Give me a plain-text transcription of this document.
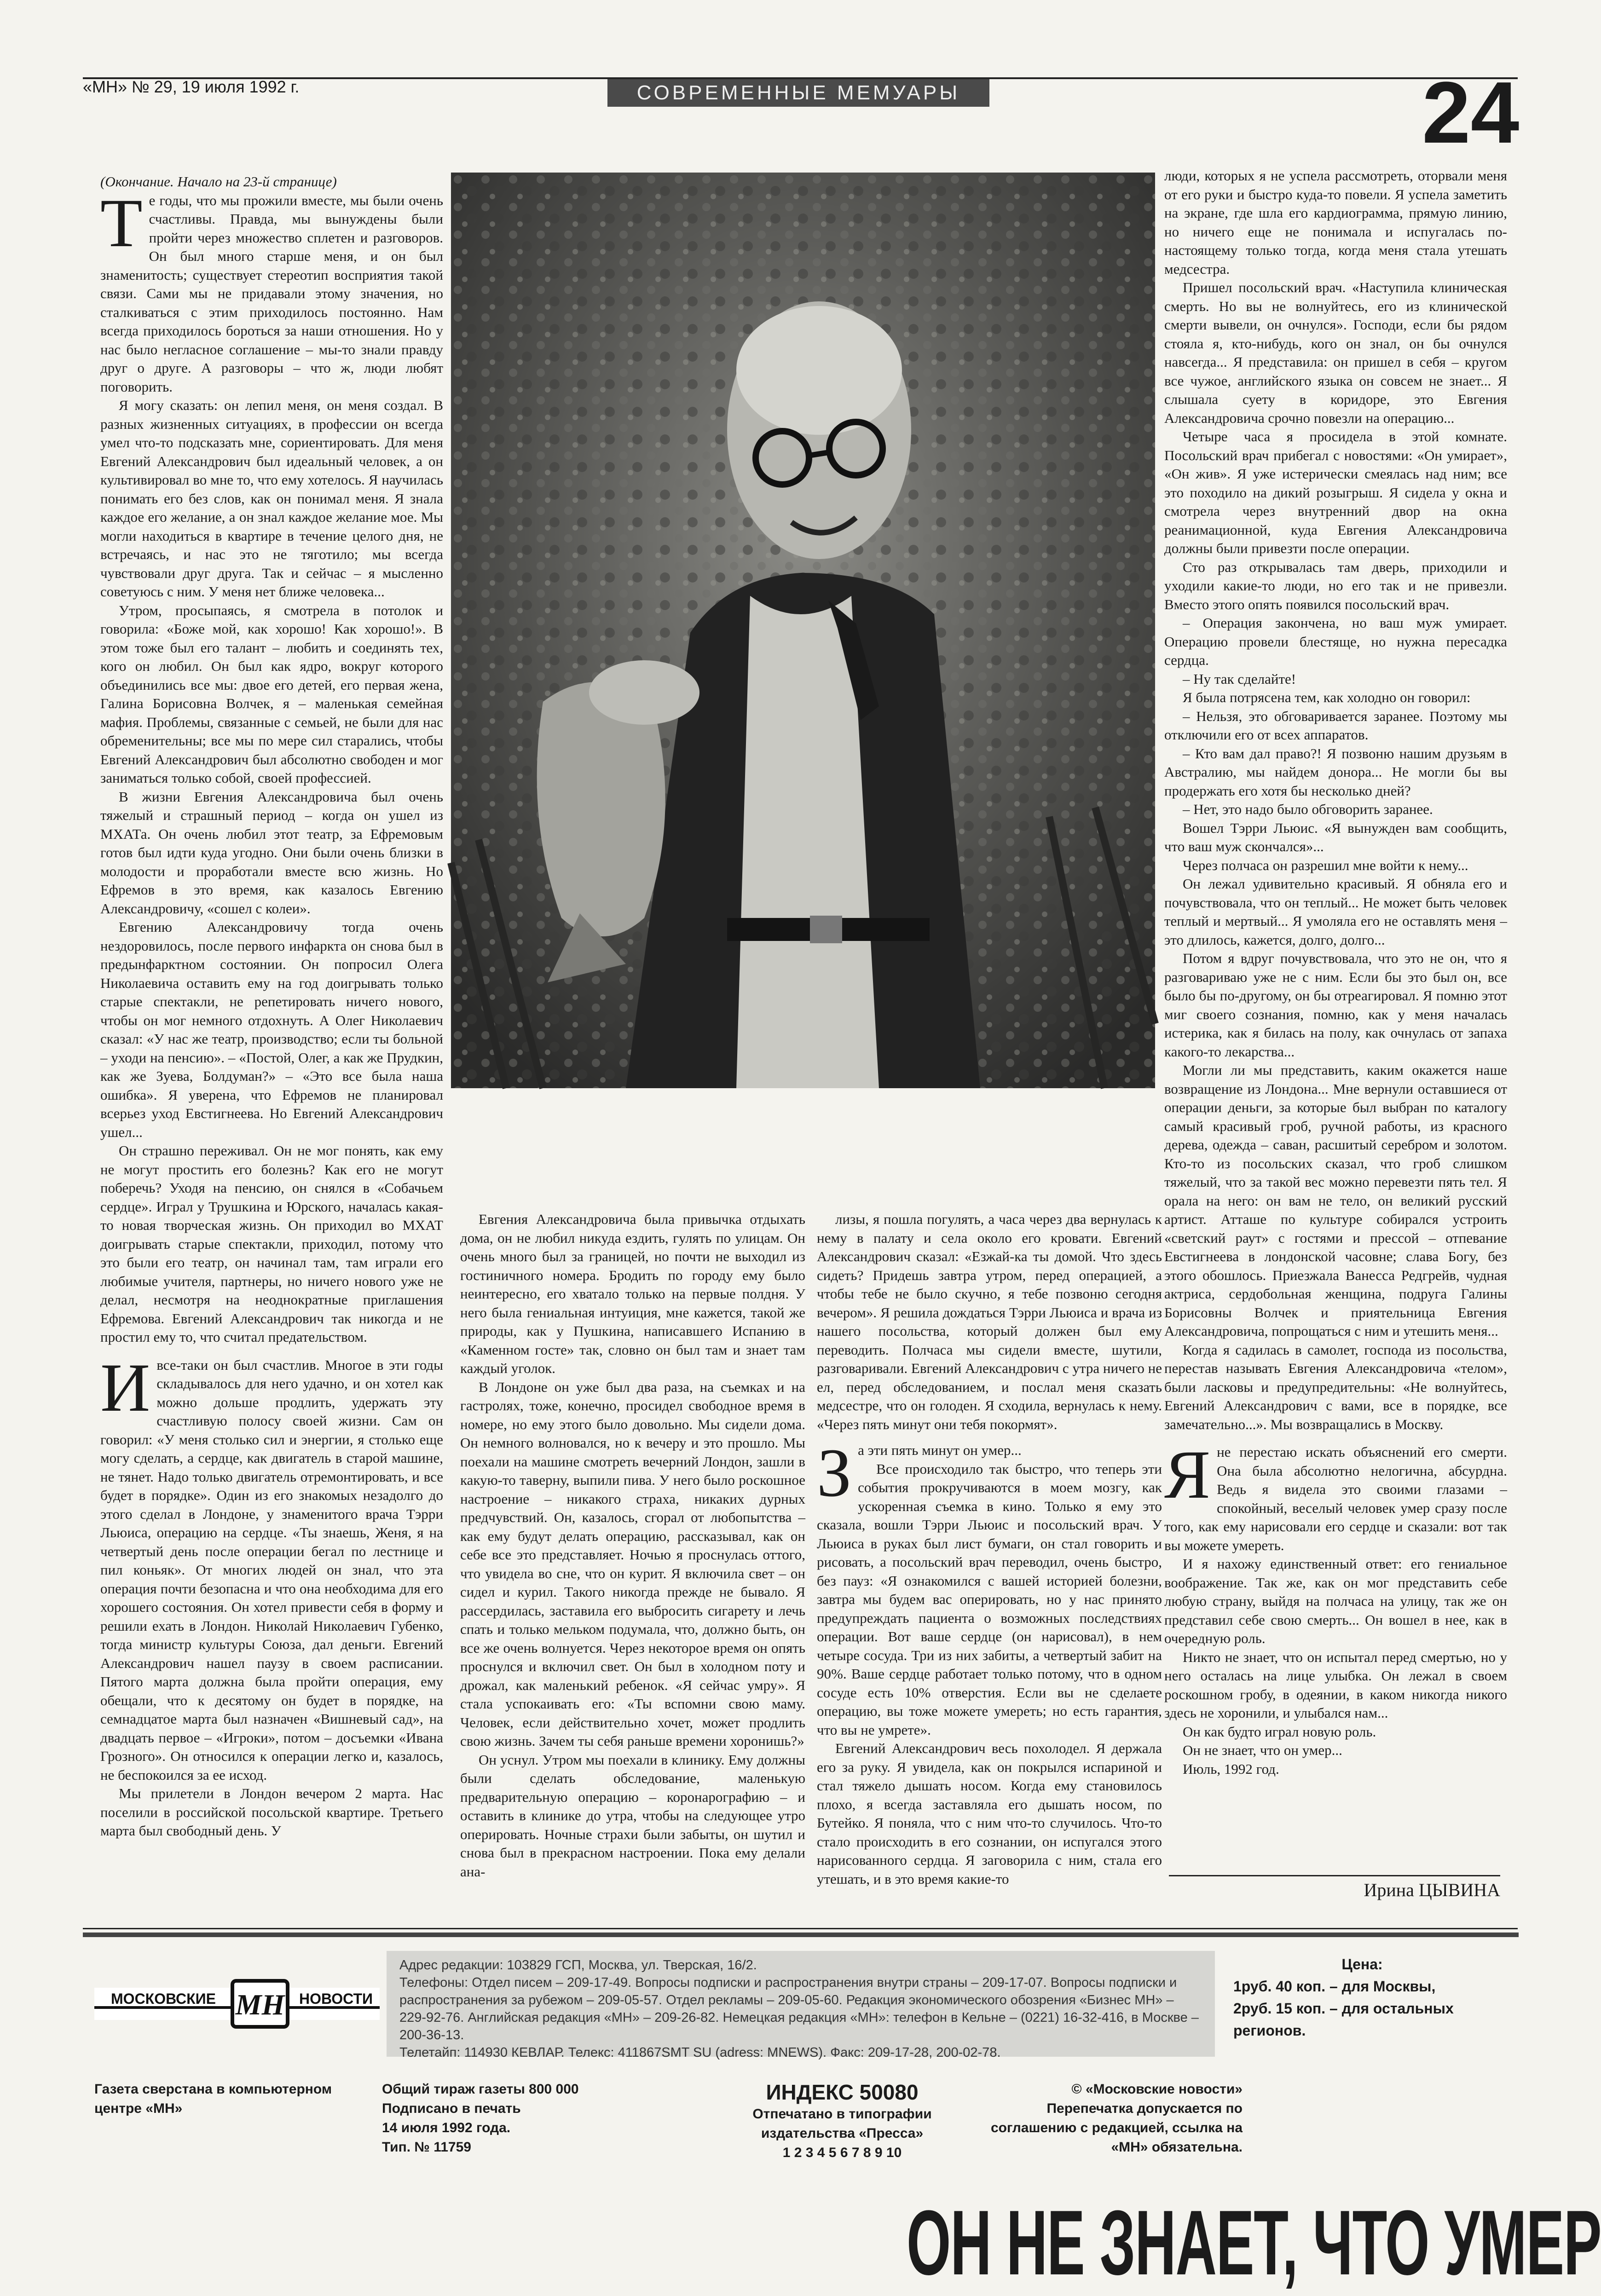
«МН» № 29, 19 июля 1992 г.	СОВРЕМЕННЫЕ МЕМУАРЫ	24

(Окончание. Начало на 23-й странице)

Те годы, что мы прожили вместе, мы были очень счастливы. Правда, мы вынуждены были пройти через множество сплетен и разговоров. Он был много старше меня, и он был знаменитость; существует стереотип восприятия такой связи. Сами мы не придавали этому значения, но сталкиваться с этим приходилось постоянно. Нам всегда приходилось бороться за наши отношения. Но у нас было негласное соглашение – мы-то знали правду друг о друге. А разговоры – что ж, люди любят поговорить.

Я могу сказать: он лепил меня, он меня создал. В разных жизненных ситуациях, в профессии он всегда умел что-то подсказать мне, сориентировать. Для меня Евгений Александрович был идеальный человек, а он культивировал во мне то, что ему хотелось. Я научилась понимать его без слов, как он понимал меня. Я знала каждое его желание, а он знал каждое желание мое. Мы могли находиться в квартире в течение целого дня, не встречаясь, и нас это не тяготило; мы всегда чувствовали друг друга. Так и сейчас – я мысленно советуюсь с ним. У меня нет ближе человека...

Утром, просыпаясь, я смотрела в потолок и говорила: «Боже мой, как хорошо! Как хорошо!». В этом тоже был его талант – любить и соединять тех, кого он любил. Он был как ядро, вокруг которого объединились все мы: двое его детей, его первая жена, Галина Борисовна Волчек, я – маленькая семейная мафия. Проблемы, связанные с семьей, не были для нас обременительны; все мы по мере сил старались, чтобы Евгений Александрович был абсолютно свободен и мог заниматься только собой, своей профессией.

В жизни Евгения Александровича был очень тяжелый и страшный период – когда он ушел из МХАТа. Он очень любил этот театр, за Ефремовым готов был идти куда угодно. Они были очень близки в молодости и проработали вместе всю жизнь. Но Ефремов в это время, как казалось Евгению Александровичу, «сошел с колеи».

Евгению Александровичу тогда очень нездоровилось, после первого инфаркта он снова был в предынфарктном состоянии. Он попросил Олега Николаевича оставить ему на год доигрывать только старые спектакли, не репетировать ничего нового, чтобы он мог немного отдохнуть. А Олег Николаевич сказал: «У нас же театр, производство; если ты больной – уходи на пенсию». – «Постой, Олег, а как же Прудкин, как же Зуева, Болдуман?» – «Это все была наша ошибка». Я уверена, что Ефремов не планировал всерьез уход Евстигнеева. Но Евгений Александрович ушел...

Он страшно переживал. Он не мог понять, как ему не могут простить его болезнь? Как его не могут поберечь? Уходя на пенсию, он снялся в «Собачьем сердце». Играл у Трушкина и Юрского, началась какая-то новая творческая жизнь. Он приходил во МХАТ доигрывать старые спектакли, приходил, потому что это были его театр, он начинал там, там играли его любимые учителя, партнеры, но ничего нового уже не делал, несмотря на неоднократные приглашения Ефремова. Евгений Александрович так никогда и не простил ему то, что считал предательством.

Ивсе-таки он был счастлив. Многое в эти годы складывалось для него удачно, и он хотел как можно дольше продлить, удержать эту счастливую полосу своей жизни. Сам он говорил: «У меня столько сил и энергии, я столько еще могу сделать, а сердце, как двигатель в старой машине, не тянет. Надо только двигатель отремонтировать, и все будет в порядке». Один из его знакомых незадолго до этого сделал в Лондоне, у знаменитого врача Тэрри Льюиса, операцию на сердце. «Ты знаешь, Женя, я на четвертый день после операции бегал по лестнице и пил коньяк». От многих людей он знал, что эта операция почти безопасна и что она необходима для его хорошего состояния. Он хотел привести себя в форму и решили ехать в Лондон. Николай Николаевич Губенко, тогда министр культуры Союза, дал деньги. Евгений Александрович нашел паузу в своем расписании. Пятого марта должна была пройти операция, ему обещали, что к десятому он будет в порядке, на семнадцатое марта был назначен «Вишневый сад», на двадцать первое – «Игроки», потом – досъемки «Ивана Грозного». Он относился к операции легко и, казалось, не беспокоился за ее исход.

Мы прилетели в Лондон вечером 2 марта. Нас поселили в российской посольской квартире. Третьего марта был свободный день. У

ОН НЕ ЗНАЕТ, ЧТО УМЕР

Евгения Александровича была привычка отдыхать дома, он не любил никуда ездить, гулять по улицам. Он очень много был за границей, но почти не выходил из гостиничного номера. Бродить по городу ему было неинтересно, его хватало только на первые полдня. У него была гениальная интуиция, мне кажется, такой же природы, как у Пушкина, написавшего Испанию в «Каменном госте» так, словно он был там и знает там каждый уголок.

В Лондоне он уже был два раза, на съемках и на гастролях, тоже, конечно, просидел свободное время в номере, но ему этого было довольно. Мы сидели дома. Он немного волновался, но к вечеру и это прошло. Мы поехали на машине смотреть вечерний Лондон, зашли в какую-то таверну, выпили пива. У него было роскошное настроение – никакого страха, никаких дурных предчувствий. Он, казалось, сгорал от любопытства – как ему будут делать операцию, рассказывал, как он себе все это представляет. Ночью я проснулась оттого, что увидела во сне, что он курит. Я включила свет – он сидел и курил. Такого никогда прежде не бывало. Я рассердилась, заставила его выбросить сигарету и лечь спать и только мельком подумала, что, должно быть, он все же очень волнуется. Через некоторое время он опять проснулся и включил свет. Он был в холодном поту и дрожал, как маленький ребенок. «Я сейчас умру». Я стала успокаивать его: «Ты вспомни свою маму. Человек, если действительно хочет, может продлить свою жизнь. Зачем ты себя раньше времени хоронишь?»

Он уснул. Утром мы поехали в клинику. Ему должны были сделать обследование, маленькую предварительную операцию – коронарографию – и оставить в клинике до утра, чтобы на следующее утро оперировать. Ночные страхи были забыты, он шутил и снова был в прекрасном настроении. Пока ему делали ана-

лизы, я пошла погулять, а часа через два вернулась к нему в палату и села около его кровати. Евгений Александрович сказал: «Езжай-ка ты домой. Что здесь сидеть? Придешь завтра утром, перед операцией, а чтобы тебе не было скучно, я тебе позвоню сегодня вечером». Я решила дождаться Тэрри Льюиса и врача из нашего посольства, который должен был ему переводить. Полчаса мы сидели вместе, шутили, разговаривали. Евгений Александрович с утра ничего не ел, перед обследованием, и послал меня сказать медсестре, что он голоден. Я сходила, вернулась к нему. «Через пять минут они тебя покормят».

За эти пять минут он умер...

Все происходило так быстро, что теперь эти события прокручиваются в моем мозгу, как ускоренная съемка в кино. Только я ему это сказала, вошли Тэрри Льюис и посольский врач. У Льюиса в руках был лист бумаги, он стал говорить и рисовать, а посольский врач переводил, очень быстро, без пауз: «Я ознакомился с вашей историей болезни, завтра мы будем вас оперировать, но у нас принято предупреждать пациента о возможных последствиях операции. Вот ваше сердце (он нарисовал), в нем четыре сосуда. Три из них забиты, а четвертый забит на 90%. Ваше сердце работает только потому, что в одном сосуде есть 10% отверстия. Если вы не сделаете операцию, вы тоже можете умереть; но есть гарантия, что вы не умрете».

Евгений Александрович весь похолодел. Я держала его за руку. Я увидела, как он покрылся испариной и стал тяжело дышать носом. Когда ему становилось плохо, я всегда заставляла его дышать носом, по Бутейко. Я поняла, что с ним что-то случилось. Что-то стало происходить в его сознании, он испугался этого нарисованного сердца. Я заговорила с ним, стала его утешать, и в это время какие-то

люди, которых я не успела рассмотреть, оторвали меня от его руки и быстро куда-то повели. Я успела заметить на экране, где шла его кардиограмма, прямую линию, но ничего еще не понимала и испугалась по-настоящему только тогда, когда меня стала утешать медсестра.

Пришел посольский врач. «Наступила клиническая смерть. Но вы не волнуйтесь, его из клинической смерти вывели, он очнулся». Господи, если бы рядом стояла я, кто-нибудь, кого он знал, он бы очнулся навсегда... Я представила: он пришел в себя – кругом все чужое, английского языка он совсем не знает... Я слышала суету в коридоре, это Евгения Александровича срочно повезли на операцию...

Четыре часа я просидела в этой комнате. Посольский врач прибегал с новостями: «Он умирает», «Он жив». Я уже истерически смеялась над ним; все это походило на дикий розыгрыш. Я сидела у окна и смотрела через внутренний двор на окна реанимационной, куда Евгения Александровича должны были привезти после операции.

Сто раз открывалась там дверь, приходили и уходили какие-то люди, но его так и не привезли. Вместо этого опять появился посольский врач.

– Операция закончена, но ваш муж умирает. Операцию провели блестяще, но нужна пересадка сердца.

– Ну так сделайте!

Я была потрясена тем, как холодно он говорил:

– Нельзя, это обговаривается заранее. Поэтому мы отключили его от всех аппаратов.

– Кто вам дал право?! Я позвоню нашим друзьям в Австралию, мы найдем донора... Не могли бы вы продержать его хотя бы несколько дней?

– Нет, это надо было обговорить заранее.

Вошел Тэрри Льюис. «Я вынужден вам сообщить, что ваш муж скончался»...

Через полчаса он разрешил мне войти к нему...

Он лежал удивительно красивый. Я обняла его и почувствовала, что он теплый... Не может быть человек теплый и мертвый... Я умоляла его не оставлять меня – это длилось, кажется, долго, долго...

Потом я вдруг почувствовала, что это не он, что я разговариваю уже не с ним. Если бы это был он, все было бы по-другому, он бы отреагировал. Я помню этот миг своего сознания, помню, как у меня началась истерика, как я билась на полу, как очнулась от запаха какого-то лекарства...

Могли ли мы представить, каким окажется наше возвращение из Лондона... Мне вернули оставшиеся от операции деньги, за которые был выбран по каталогу самый красивый гроб, ручной работы, из красного дерева, одежда – саван, расшитый серебром и золотом. Кто-то из посольских сказал, что гроб слишком тяжелый, что за такой вес можно перевезти пять тел. Я орала на него: он вам не тело, он великий русский артист. Атташе по культуре собирался устроить «светский раут» с гостями и прессой – отпевание Евстигнеева в лондонской часовне; слава Богу, без этого обошлось. Приезжала Ванесса Редгрейв, чудная актриса, сердобольная женщина, подруга Галины Борисовны Волчек и приятельница Евгения Александровича, попрощаться с ним и утешить меня...

Когда я садилась в самолет, господа из посольства, перестав называть Евгения Александровича «телом», были ласковы и предупредительны: «Не волнуйтесь, Евгений Александрович с вами, все в порядке, все замечательно...». Мы возвращались в Москву.

Яне перестаю искать объяснений его смерти. Она была абсолютно нелогична, абсурдна. Ведь я видела это своими глазами – спокойный, веселый человек умер сразу после того, как ему нарисовали его сердце и сказали: вот так вы можете умереть.

И я нахожу единственный ответ: его гениальное воображение. Так же, как он мог представить себе любую страну, выйдя на полчаса на улицу, так же он представил себе свою смерть... Он вошел в нее, как в очередную роль.

Никто не знает, что он испытал перед смертью, но у него осталась на лице улыбка. Он лежал в своем роскошном гробу, в одеянии, в каком никогда никого здесь не хоронили, и улыбался нам...

Он как будто играл новую роль.

Он не знает, что он умер...

Июль, 1992 год.

Ирина ЦЫВИНА
МОСКОВСКИЕ МН НОВОСТИ
Адрес редакции: 103829 ГСП, Москва, ул. Тверская, 16/2.
Телефоны: Отдел писем – 209-17-49. Вопросы подписки и распространения внутри страны – 209-17-07. Вопросы подписки и распространения за рубежом – 209-05-57. Отдел рекламы – 209-05-60. Редакция экономического обозрения «Бизнес МН» – 229-92-76. Английская редакция «МН» – 209-26-82. Немецкая редакция «МН»: телефон в Кельне – (0221) 16-32-416, в Москве – 200-36-13.
Телетайп: 114930 КЕВЛАР. Телекс: 411867SMT SU (adress: MNEWS). Факс: 209-17-28, 200-02-78.
Цена:
1руб. 40 коп. – для Москвы,
2руб. 15 коп. – для остальных регионов.
Газета сверстана в компьютерном центре «МН»
Общий тираж газеты 800 000
Подписано в печать
14 июля 1992 года.
Тип. № 11759
ИНДЕКС 50080
Отпечатано в типографии издательства «Пресса»
1 2 3 4 5 6 7 8 9 10
© «Московские новости»
Перепечатка допускается по соглашению с редакцией, ссылка на «МН» обязательна.
